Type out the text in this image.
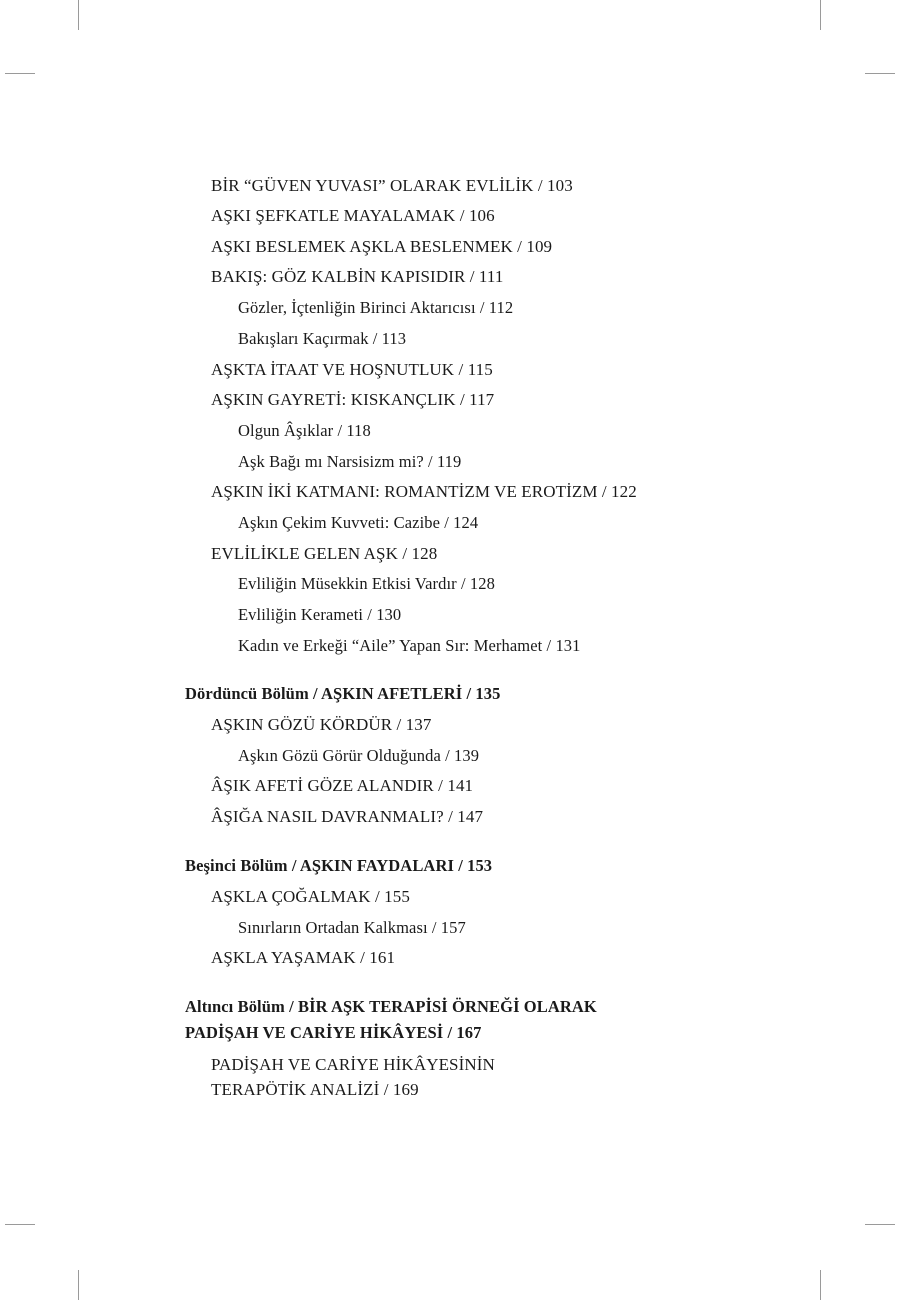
BİR “GÜVEN YUVASI” OLARAK EVLİLİK / 103
AŞKI ŞEFKATLE MAYALAMAK / 106
AŞKI BESLEMEK AŞKLA BESLENMEK / 109
BAKIŞ: GÖZ KALBİN KAPISIDIR / 111
Gözler, İçtenliğin Birinci Aktarıcısı / 112
Bakışları Kaçırmak / 113
AŞKTA İTAAT VE HOŞNUTLUK / 115
AŞKIN GAYRETİ: KISKANÇLIK / 117
Olgun Âşıklar / 118
Aşk Bağı mı Narsisizm mi? / 119
AŞKIN İKİ KATMANI: ROMANTİZM VE EROTİZM / 122
Aşkın Çekim Kuvveti: Cazibe / 124
EVLİLİKLE GELEN AŞK / 128
Evliliğin Müsekkin Etkisi Vardır / 128
Evliliğin Kerameti / 130
Kadın ve Erkeği “Aile” Yapan Sır: Merhamet / 131
Dördüncü Bölüm / AŞKIN AFETLERİ / 135
AŞKIN GÖZÜ KÖRDÜR / 137
Aşkın Gözü Görür Olduğunda / 139
ÂŞIK AFETİ GÖZE ALANDIR / 141
ÂŞIĞA NASIL DAVRANMALI? / 147
Beşinci Bölüm / AŞKIN FAYDALARI / 153
AŞKLA ÇOĞALMAK / 155
Sınırların Ortadan Kalkması / 157
AŞKLA YAŞAMAK / 161
Altıncı Bölüm / BİR AŞK TERAPİSİ ÖRNEĞİ OLARAK
PADİŞAH VE CARİYE HİKÂYESİ / 167
PADİŞAH VE CARİYE HİKÂYESİNİN
TERAPÖTİK ANALİZİ / 169
